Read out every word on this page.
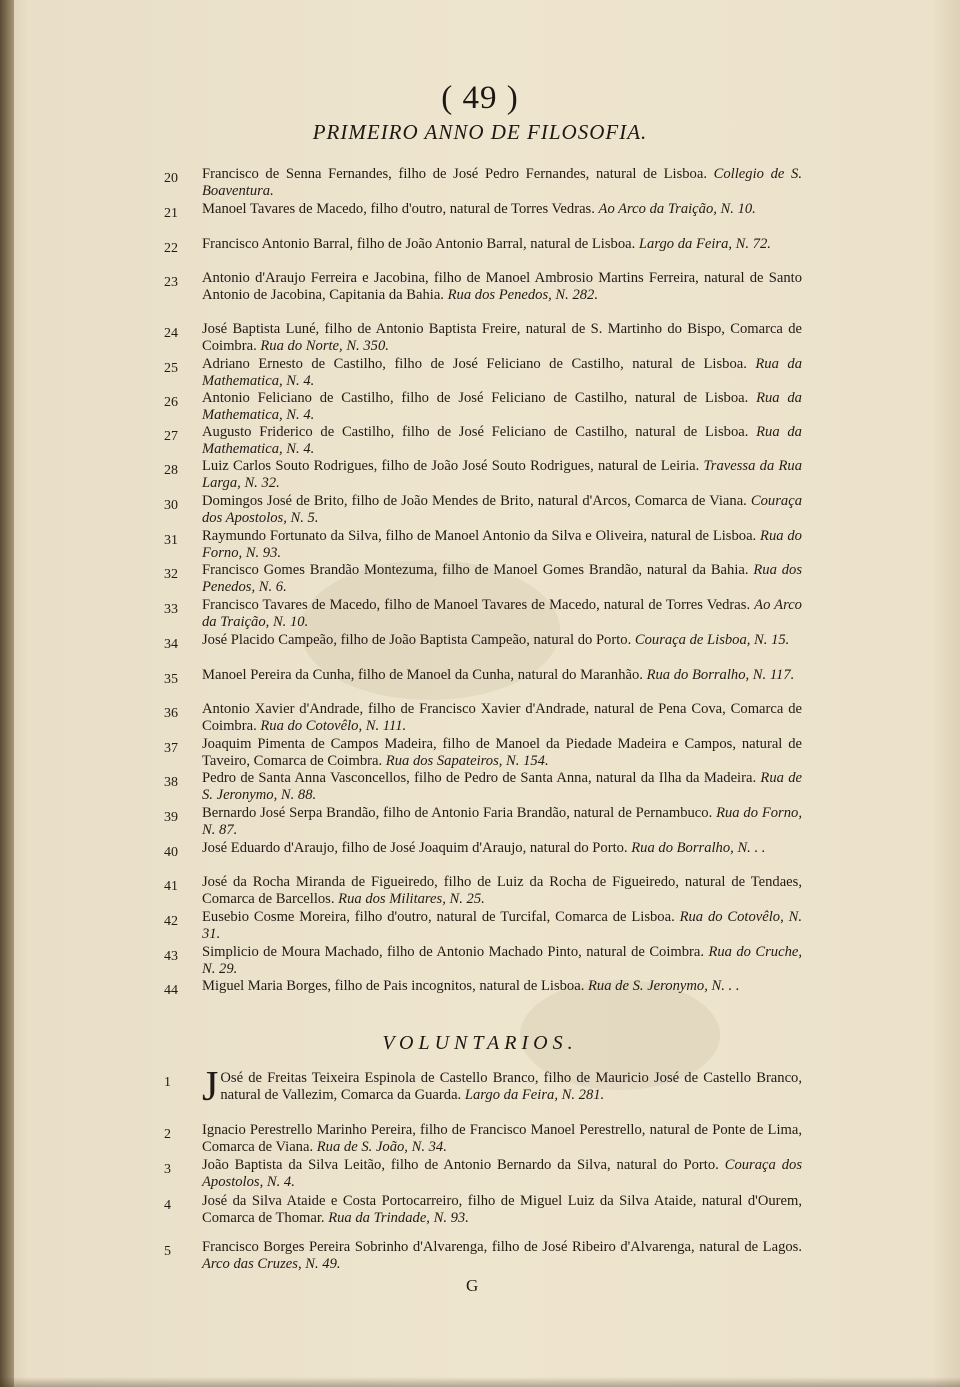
( 49 )
PRIMEIRO ANNO DE FILOSOFIA.
20	Francisco de Senna Fernandes, filho de José Pedro Fernandes, natural de Lisboa. Collegio de S. Boaventura.
21	Manoel Tavares de Macedo, filho d'outro, natural de Torres Vedras. Ao Arco da Traição, N. 10.
22	Francisco Antonio Barral, filho de João Antonio Barral, natural de Lisboa. Largo da Feira, N. 72.
23	Antonio d'Araujo Ferreira e Jacobina, filho de Manoel Ambrosio Martins Ferreira, natural de Santo Antonio de Jacobina, Capitania da Bahia. Rua dos Penedos, N. 282.
24	José Baptista Luné, filho de Antonio Baptista Freire, natural de S. Martinho do Bispo, Comarca de Coimbra. Rua do Norte, N. 350.
25	Adriano Ernesto de Castilho, filho de José Feliciano de Castilho, natural de Lisboa. Rua da Mathematica, N. 4.
26	Antonio Feliciano de Castilho, filho de José Feliciano de Castilho, natural de Lisboa. Rua da Mathematica, N. 4.
27	Augusto Friderico de Castilho, filho de José Feliciano de Castilho, natural de Lisboa. Rua da Mathematica, N. 4.
28	Luiz Carlos Souto Rodrigues, filho de João José Souto Rodrigues, natural de Leiria. Travessa da Rua Larga, N. 32.
30	Domingos José de Brito, filho de João Mendes de Brito, natural d'Arcos, Comarca de Viana. Couraça dos Apostolos, N. 5.
31	Raymundo Fortunato da Silva, filho de Manoel Antonio da Silva e Oliveira, natural de Lisboa. Rua do Forno, N. 93.
32	Francisco Gomes Brandão Montezuma, filho de Manoel Gomes Brandão, natural da Bahia. Rua dos Penedos, N. 6.
33	Francisco Tavares de Macedo, filho de Manoel Tavares de Macedo, natural de Torres Vedras. Ao Arco da Traição, N. 10.
34	José Placido Campeão, filho de João Baptista Campeão, natural do Porto. Couraça de Lisboa, N. 15.
35	Manoel Pereira da Cunha, filho de Manoel da Cunha, natural do Maranhão. Rua do Borralho, N. 117.
36	Antonio Xavier d'Andrade, filho de Francisco Xavier d'Andrade, natural de Pena Cova, Comarca de Coimbra. Rua do Cotovêlo, N. 111.
37	Joaquim Pimenta de Campos Madeira, filho de Manoel da Piedade Madeira e Campos, natural de Taveiro, Comarca de Coimbra. Rua dos Sapateiros, N. 154.
38	Pedro de Santa Anna Vasconcellos, filho de Pedro de Santa Anna, natural da Ilha da Madeira. Rua de S. Jeronymo, N. 88.
39	Bernardo José Serpa Brandão, filho de Antonio Faria Brandão, natural de Pernambuco. Rua do Forno, N. 87.
40	José Eduardo d'Araujo, filho de José Joaquim d'Araujo, natural do Porto. Rua do Borralho, N. . .
41	José da Rocha Miranda de Figueiredo, filho de Luiz da Rocha de Figueiredo, natural de Tendaes, Comarca de Barcellos. Rua dos Militares, N. 25.
42	Eusebio Cosme Moreira, filho d'outro, natural de Turcifal, Comarca de Lisboa. Rua do Cotovêlo, N. 31.
43	Simplicio de Moura Machado, filho de Antonio Machado Pinto, natural de Coimbra. Rua do Cruche, N. 29.
44	Miguel Maria Borges, filho de Pais incognitos, natural de Lisboa. Rua de S. Jeronymo, N. . .
VOLUNTARIOS.
1 J Osé de Freitas Teixeira Espinola de Castello Branco, filho de Mauricio José de Castello Branco, natural de Vallezim, Comarca da Guarda. Largo da Feira, N. 281.
2	Ignacio Perestrello Marinho Pereira, filho de Francisco Manoel Perestrello, natural de Ponte de Lima, Comarca de Viana. Rua de S. João, N. 34.
3	João Baptista da Silva Leitão, filho de Antonio Bernardo da Silva, natural do Porto. Couraça dos Apostolos, N. 4.
4	José da Silva Ataide e Costa Portocarreiro, filho de Miguel Luiz da Silva Ataide, natural d'Ourem, Comarca de Thomar. Rua da Trindade, N. 93.
5	Francisco Borges Pereira Sobrinho d'Alvarenga, filho de José Ribeiro d'Alvarenga, natural de Lagos. Arco das Cruzes, N. 49.
G
